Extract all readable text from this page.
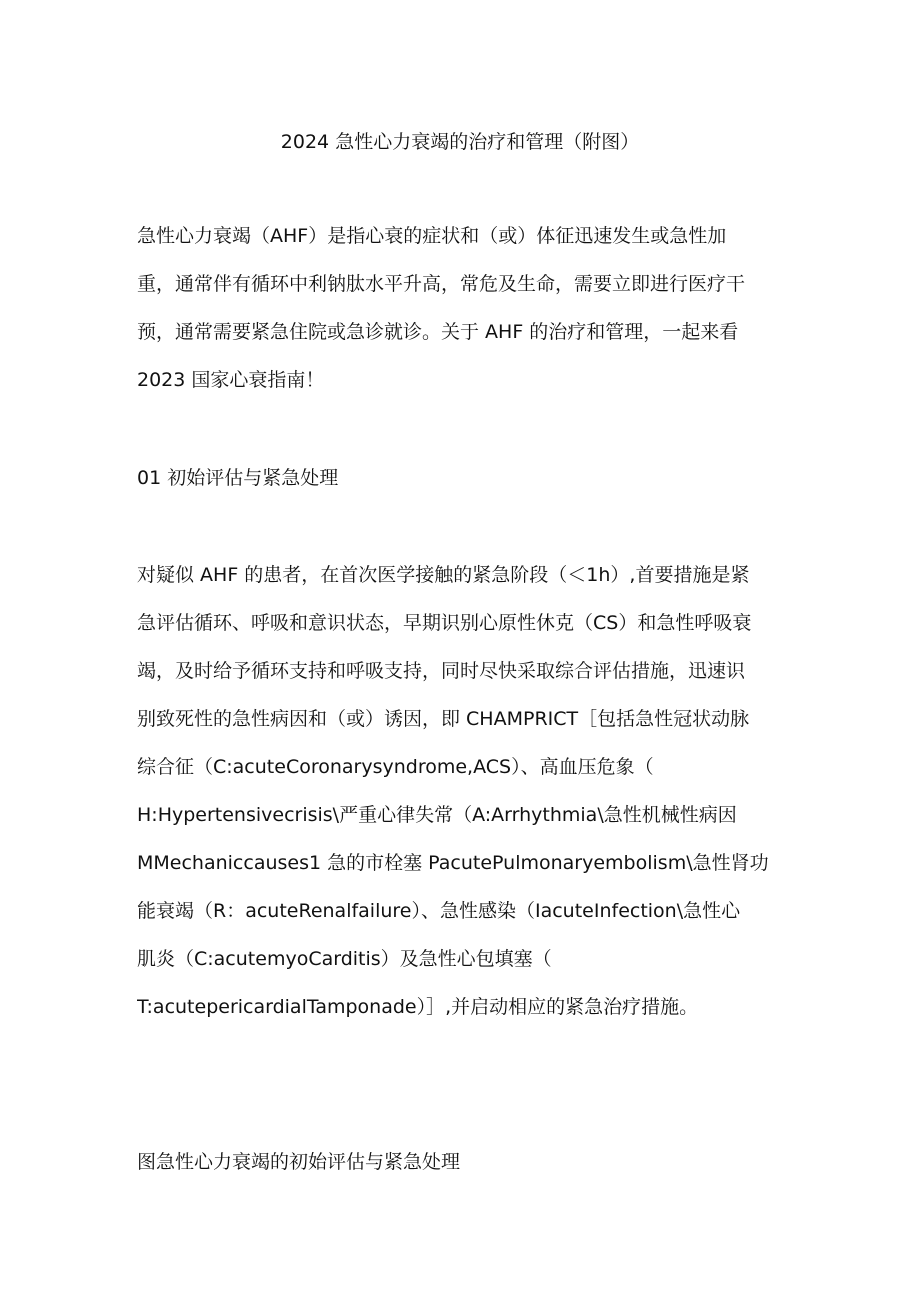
2024 急性心力衰竭的治疗和管理（附图）
急性心力衰竭（AHF）是指心衰的症状和（或）体征迅速发生或急性加
重，通常伴有循环中利钠肽水平升高，常危及生命，需要立即进行医疗干
预，通常需要紧急住院或急诊就诊。关于 AHF 的治疗和管理，一起来看
2023 国家心衰指南！
01 初始评估与紧急处理
对疑似 AHF 的患者，在首次医学接触的紧急阶段（＜1h）,首要措施是紧
急评估循环、呼吸和意识状态，早期识别心原性休克（CS）和急性呼吸衰
竭，及时给予循环支持和呼吸支持，同时尽快采取综合评估措施，迅速识
别致死性的急性病因和（或）诱因，即 CHAMPRICT［包括急性冠状动脉
综合征（C:acuteCoronarysyndrome,ACS）、高血压危象（
H:Hypertensivecrisis\严重心律失常（A:Arrhythmia\急性机械性病因
MMechaniccauses1 急的市栓塞 PacutePulmonaryembolism\急性肾功
能衰竭（R：acuteRenalfailure）、急性感染（IacuteInfection\急性心
肌炎（C:acutemyoCarditis）及急性心包填塞（
T:acutepericardialTamponade）］,并启动相应的紧急治疗措施。
图急性心力衰竭的初始评估与紧急处理
